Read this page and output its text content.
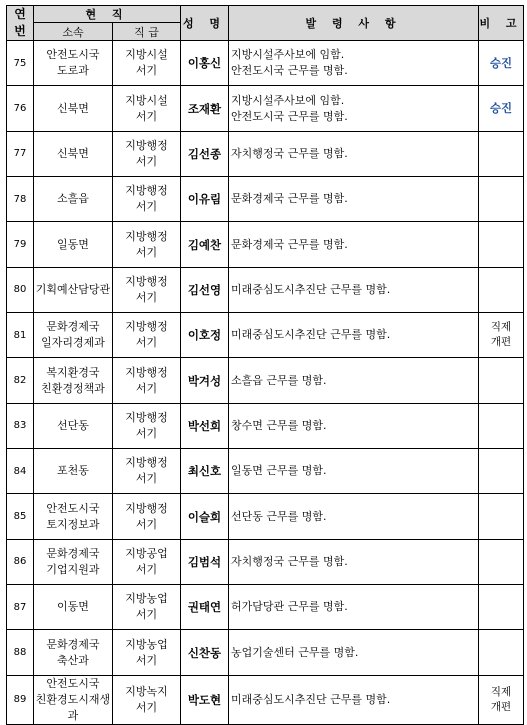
연
번	현 직		성 명	발 령 사 항	비 고
	소속	직 급			
75	안전도시국
도로과	지방시설
서기	이홍신	지방시설주사보에 임함.
안전도시국 근무를 명함.	승진

76	신북면	지방시설
서기	조재환	지방시설주사보에 임함.
안전도시국 근무를 명함.	승진

77	신북면	지방행정
서기	김선종	자치행정국 근무를 명함.	

78	소흘읍	지방행정
서기	이유림	문화경제국 근무를 명함.	

79	일동면	지방행정
서기	김예찬	문화경제국 근무를 명함.	

80	기획예산담당관	지방행정
서기	김선영	미래중심도시추진단 근무를 명함.	

81	문화경제국
일자리경제과	지방행정
서기	이호정	미래중심도시추진단 근무를 명함.	직제
개편

82	복지환경국
친환경정책과	지방행정
서기	박겨성	소흘읍 근무를 명함.	

83	선단동	지방행정
서기	박선희	창수면 근무를 명함.	

84	포천동	지방행정
서기	최신호	일동면 근무를 명함.	

85	안전도시국
토지정보과	지방행정
서기	이슬희	선단동 근무를 명함.	

86	문화경제국
기업지원과	지방공업
서기	김범석	자치행정국 근무를 명함.	

87	이동면	지방농업
서기	권태연	허가담당관 근무를 명함.	

88	문화경제국
축산과	지방농업
서기	신찬동	농업기술센터 근무를 명함.	

89	안전도시국
친환경도시재생과	지방녹지
서기	박도현	미래중심도시추진단 근무를 명함.	직제
개편
